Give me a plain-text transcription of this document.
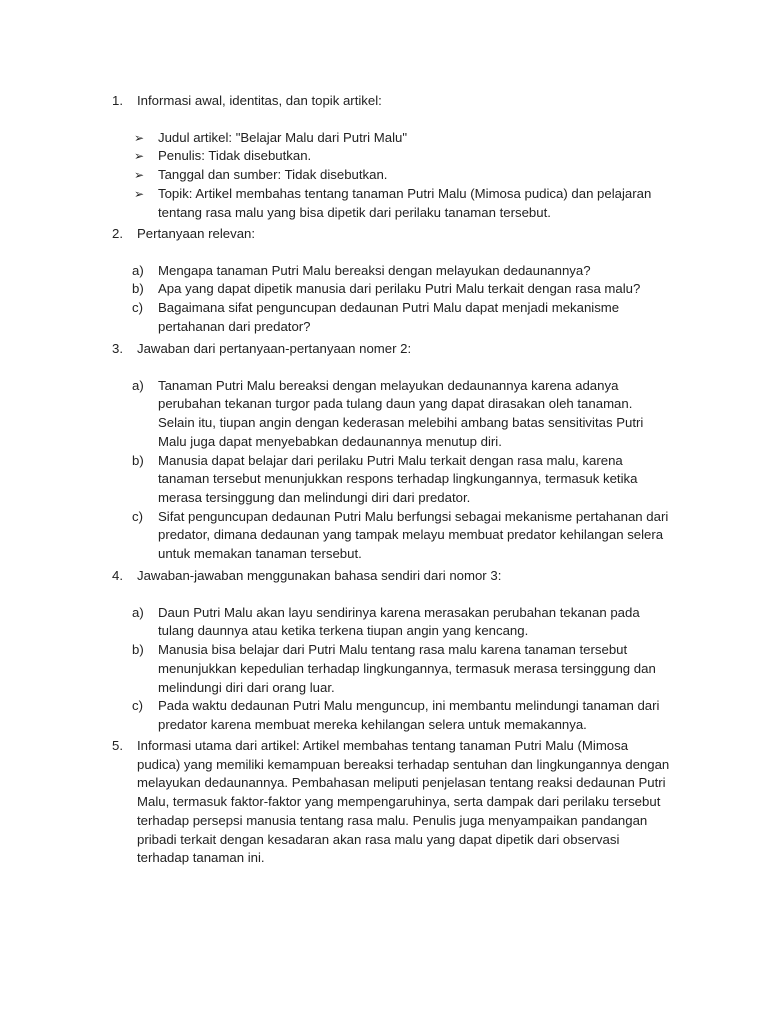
1. Informasi awal, identitas, dan topik artikel:
➢ Judul artikel: "Belajar Malu dari Putri Malu"
➢ Penulis: Tidak disebutkan.
➢ Tanggal dan sumber: Tidak disebutkan.
➢ Topik: Artikel membahas tentang tanaman Putri Malu (Mimosa pudica) dan pelajaran tentang rasa malu yang bisa dipetik dari perilaku tanaman tersebut.
2. Pertanyaan relevan:
a) Mengapa tanaman Putri Malu bereaksi dengan melayukan dedaunannya?
b) Apa yang dapat dipetik manusia dari perilaku Putri Malu terkait dengan rasa malu?
c) Bagaimana sifat penguncupan dedaunan Putri Malu dapat menjadi mekanisme pertahanan dari predator?
3. Jawaban dari pertanyaan-pertanyaan nomer 2:
a) Tanaman Putri Malu bereaksi dengan melayukan dedaunannya karena adanya perubahan tekanan turgor pada tulang daun yang dapat dirasakan oleh tanaman. Selain itu, tiupan angin dengan kederasan melebihi ambang batas sensitivitas Putri Malu juga dapat menyebabkan dedaunannya menutup diri.
b) Manusia dapat belajar dari perilaku Putri Malu terkait dengan rasa malu, karena tanaman tersebut menunjukkan respons terhadap lingkungannya, termasuk ketika merasa tersinggung dan melindungi diri dari predator.
c) Sifat penguncupan dedaunan Putri Malu berfungsi sebagai mekanisme pertahanan dari predator, dimana dedaunan yang tampak melayu membuat predator kehilangan selera untuk memakan tanaman tersebut.
4. Jawaban-jawaban menggunakan bahasa sendiri dari nomor 3:
a) Daun Putri Malu akan layu sendirinya karena merasakan perubahan tekanan pada tulang daunnya atau ketika terkena tiupan angin yang kencang.
b) Manusia bisa belajar dari Putri Malu tentang rasa malu karena tanaman tersebut menunjukkan kepedulian terhadap lingkungannya, termasuk merasa tersinggung dan melindungi diri dari orang luar.
c) Pada waktu dedaunan Putri Malu menguncup, ini membantu melindungi tanaman dari predator karena membuat mereka kehilangan selera untuk memakannya.
5. Informasi utama dari artikel: Artikel membahas tentang tanaman Putri Malu (Mimosa pudica) yang memiliki kemampuan bereaksi terhadap sentuhan dan lingkungannya dengan melayukan dedaunannya. Pembahasan meliputi penjelasan tentang reaksi dedaunan Putri Malu, termasuk faktor-faktor yang mempengaruhinya, serta dampak dari perilaku tersebut terhadap persepsi manusia tentang rasa malu. Penulis juga menyampaikan pandangan pribadi terkait dengan kesadaran akan rasa malu yang dapat dipetik dari observasi terhadap tanaman ini.
